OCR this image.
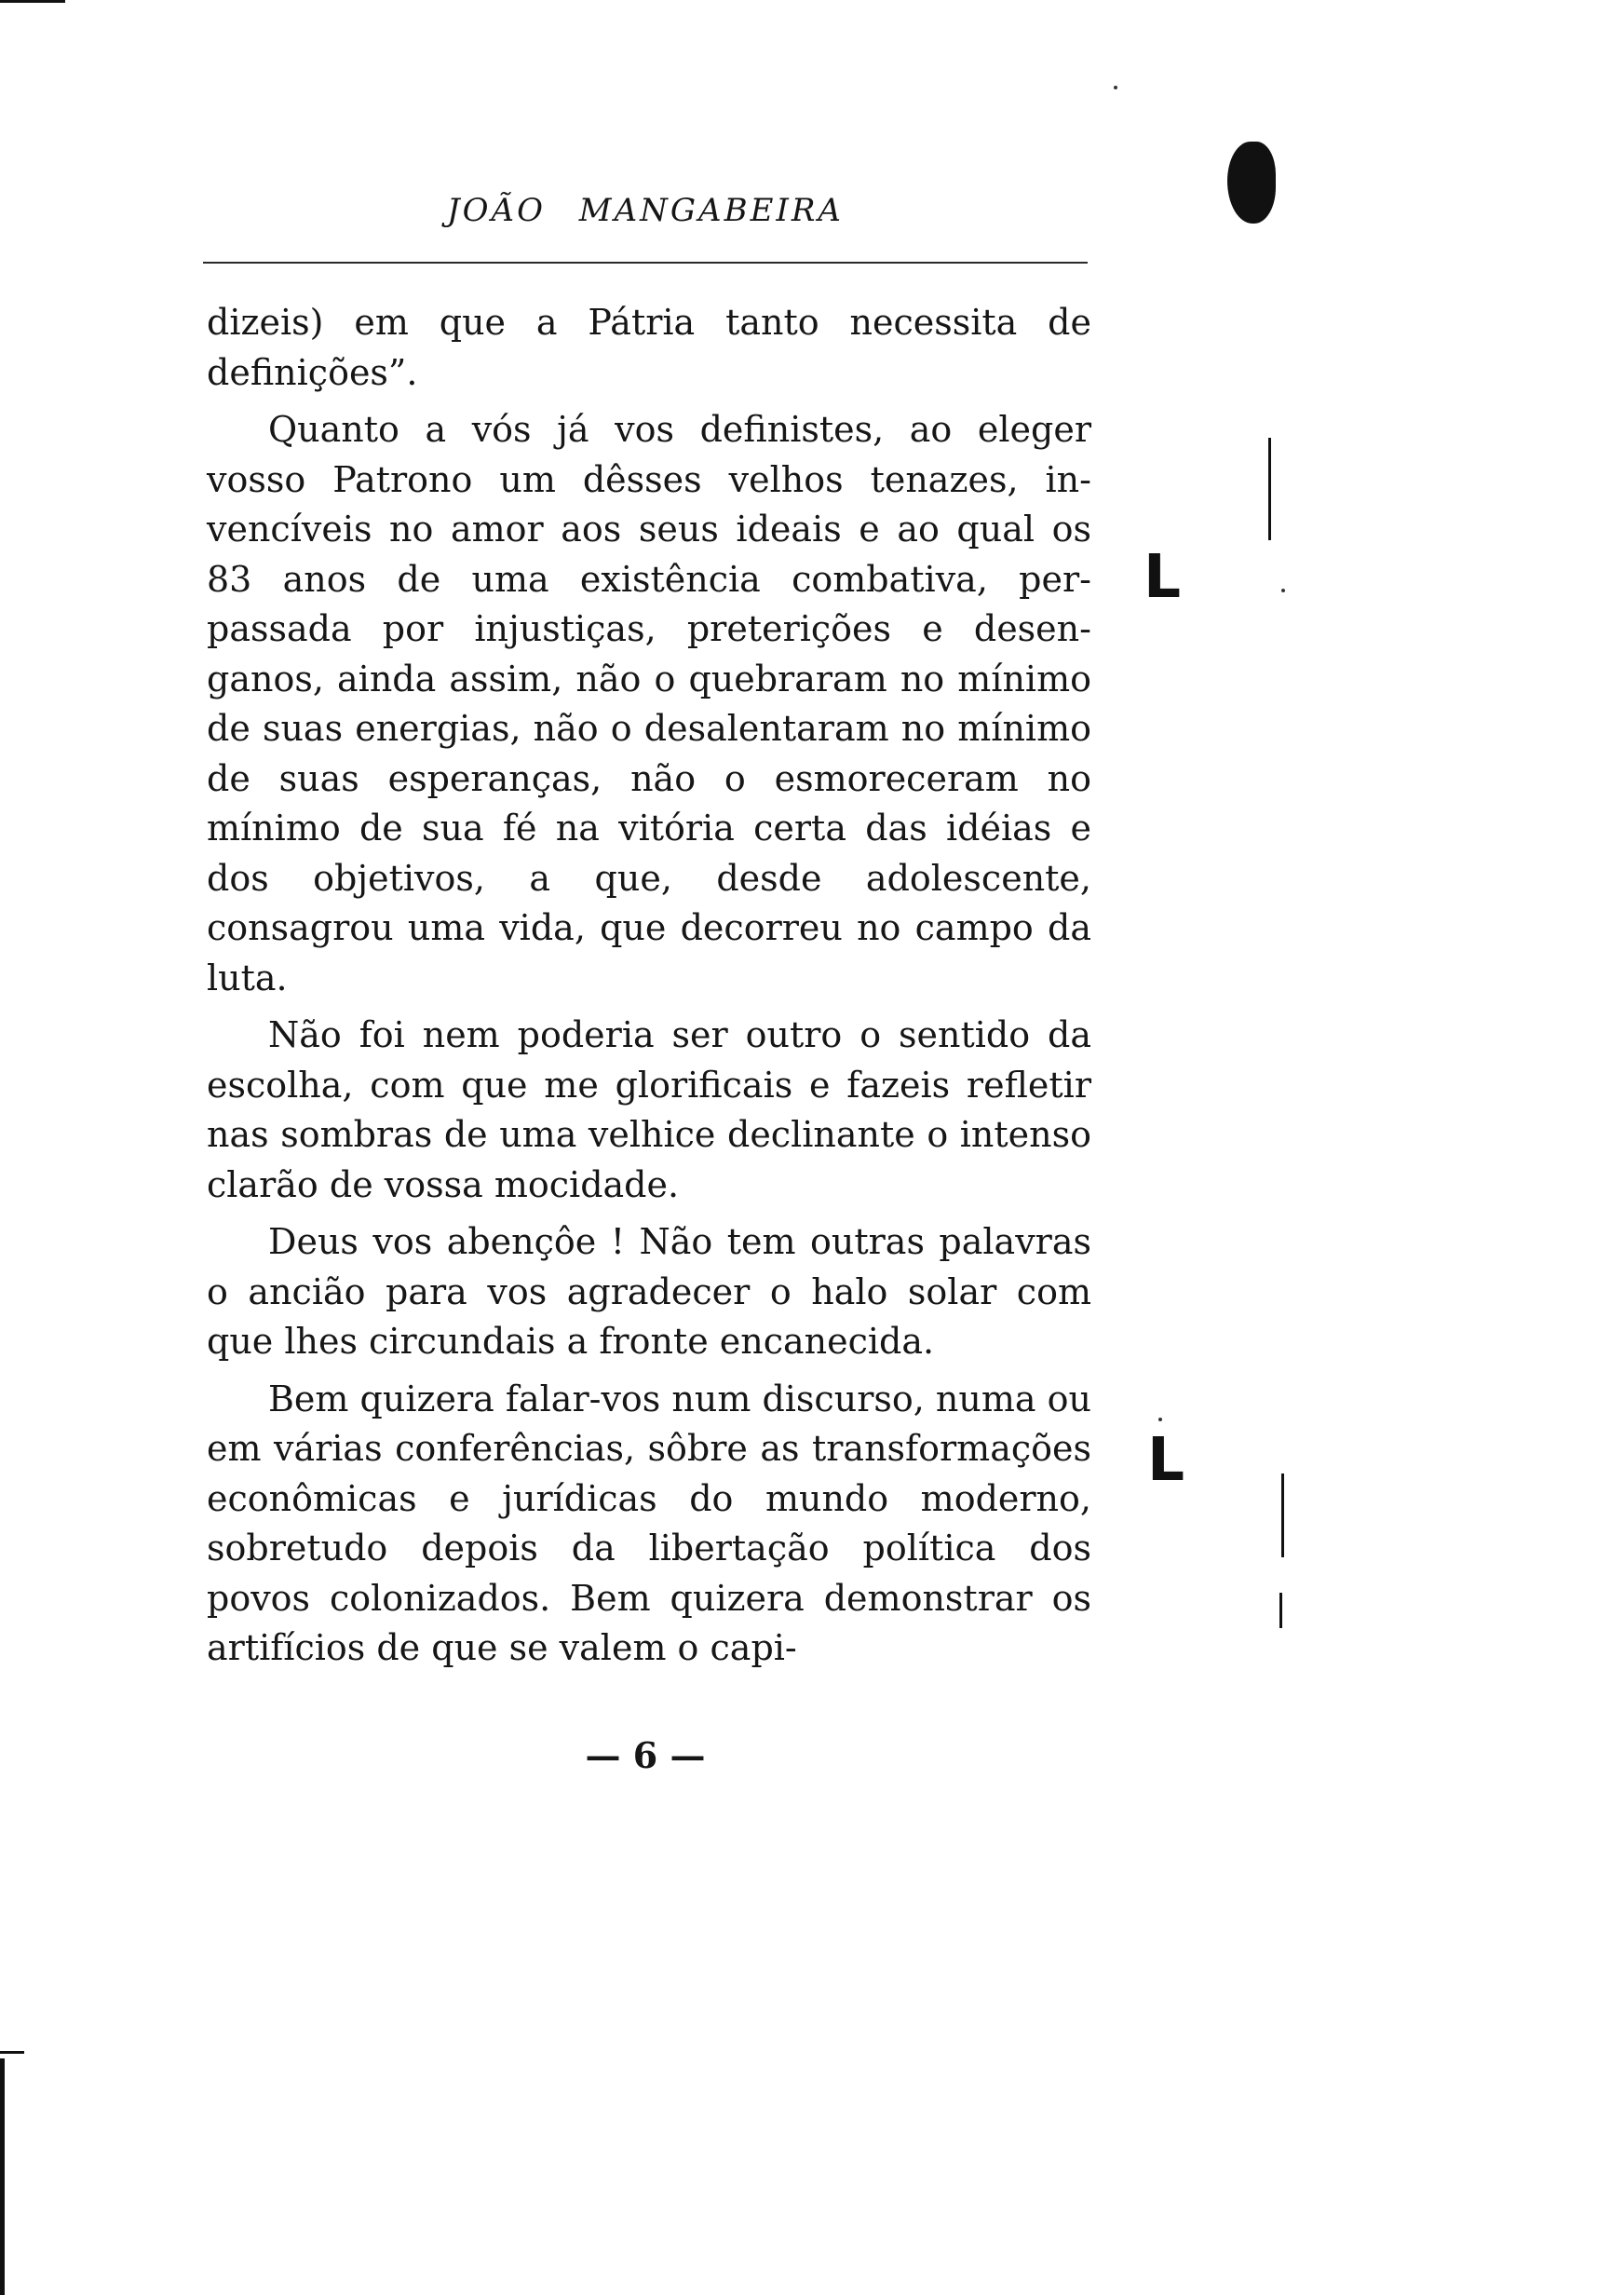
JOÃO MANGABEIRA

dizeis) em que a Pátria tanto necessita de definições”.

Quanto a vós já vos definistes, ao eleger vosso Patrono um dêsses velhos tenazes, invencíveis no amor aos seus ideais e ao qual os 83 anos de uma existência combativa, perpassada por injustiças, preterições e desenganos, ainda assim, não o quebraram no mínimo de suas energias, não o desalentaram no mínimo de suas esperanças, não o esmoreceram no mínimo de sua fé na vitória certa das idéias e dos objetivos, a que, desde adolescente, consagrou uma vida, que decorreu no campo da luta.

Não foi nem poderia ser outro o sentido da escolha, com que me glorificais e fazeis refletir nas sombras de uma velhice declinante o intenso clarão de vossa mocidade.

Deus vos abençôe ! Não tem outras palavras o ancião para vos agradecer o halo solar com que lhes circundais a fronte encanecida.

Bem quizera falar-vos num discurso, numa ou em várias conferências, sôbre as transformações econômicas e jurídicas do mundo moderno, sobretudo depois da libertação política dos povos colonizados. Bem quizera demonstrar os artifícios de que se valem o capi-

— 6 —
ᒪ
ᒪ
